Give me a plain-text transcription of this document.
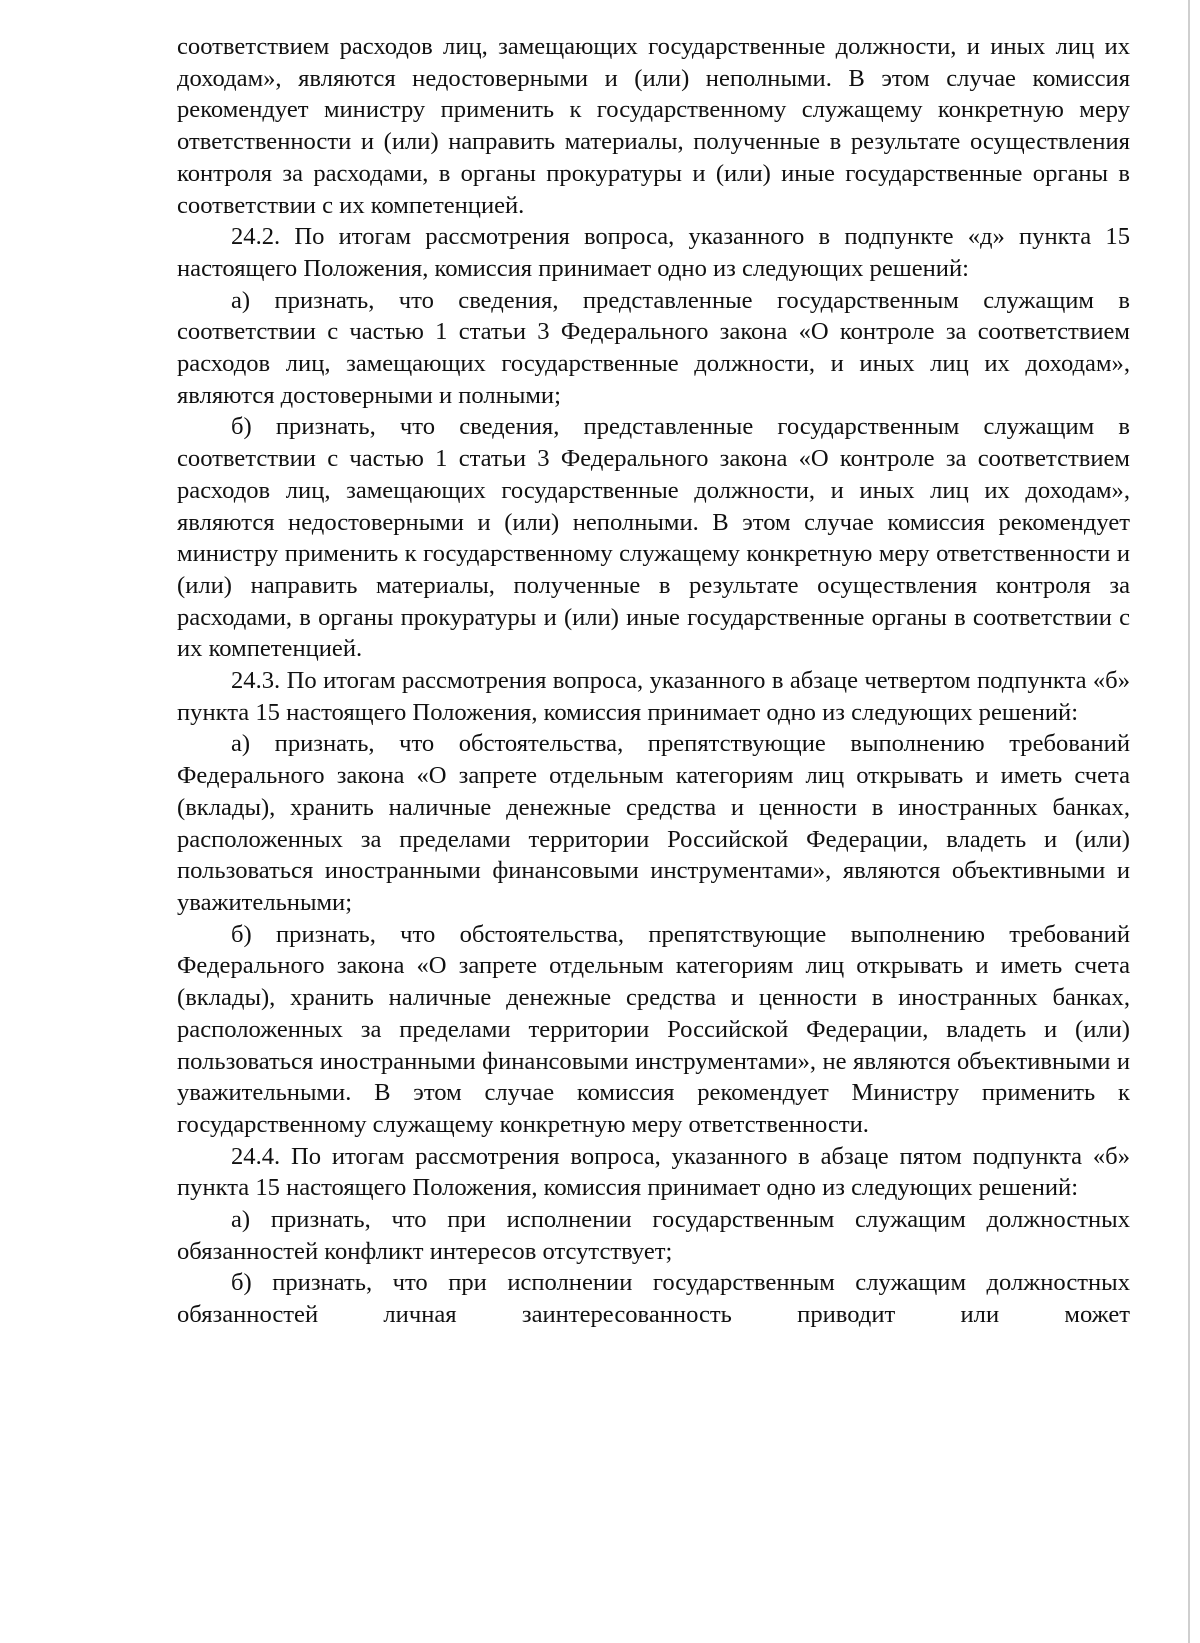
соответствием расходов лиц, замещающих государственные должности, и иных лиц их доходам», являются недостоверными и (или) неполными. В этом случае комиссия рекомендует министру применить к государственному служащему конкретную меру ответственности и (или) направить материалы, полученные в результате осуществления контроля за расходами, в органы прокуратуры и (или) иные государственные органы в соответствии с их компетенцией.

24.2. По итогам рассмотрения вопроса, указанного в подпункте «д» пункта 15 настоящего Положения, комиссия принимает одно из следующих решений:

а) признать, что сведения, представленные государственным служащим в соответствии с частью 1 статьи 3 Федерального закона «О контроле за соответствием расходов лиц, замещающих государственные должности, и иных лиц их доходам», являются достоверными и полными;

б) признать, что сведения, представленные государственным служащим в соответствии с частью 1 статьи 3 Федерального закона «О контроле за соответствием расходов лиц, замещающих государственные должности, и иных лиц их доходам», являются недостоверными и (или) неполными. В этом случае комиссия рекомендует министру применить к государственному служащему конкретную меру ответственности и (или) направить материалы, полученные в результате осуществления контроля за расходами, в органы прокуратуры и (или) иные государственные органы в соответствии с их компетенцией.

24.3. По итогам рассмотрения вопроса, указанного в абзаце четвертом подпункта «б» пункта 15 настоящего Положения, комиссия принимает одно из следующих решений:

а) признать, что обстоятельства, препятствующие выполнению требований Федерального закона «О запрете отдельным категориям лиц открывать и иметь счета (вклады), хранить наличные денежные средства и ценности в иностранных банках, расположенных за пределами территории Российской Федерации, владеть и (или) пользоваться иностранными финансовыми инструментами», являются объективными и уважительными;

б) признать, что обстоятельства, препятствующие выполнению требований Федерального закона «О запрете отдельным категориям лиц открывать и иметь счета (вклады), хранить наличные денежные средства и ценности в иностранных банках, расположенных за пределами территории Российской Федерации, владеть и (или) пользоваться иностранными финансовыми инструментами», не являются объективными и уважительными. В этом случае комиссия рекомендует Министру применить к государственному служащему конкретную меру ответственности.

24.4. По итогам рассмотрения вопроса, указанного в абзаце пятом подпункта «б» пункта 15 настоящего Положения, комиссия принимает одно из следующих решений:

а) признать, что при исполнении государственным служащим должностных обязанностей конфликт интересов отсутствует;

б) признать, что при исполнении государственным служащим должностных обязанностей личная заинтересованность приводит или может
